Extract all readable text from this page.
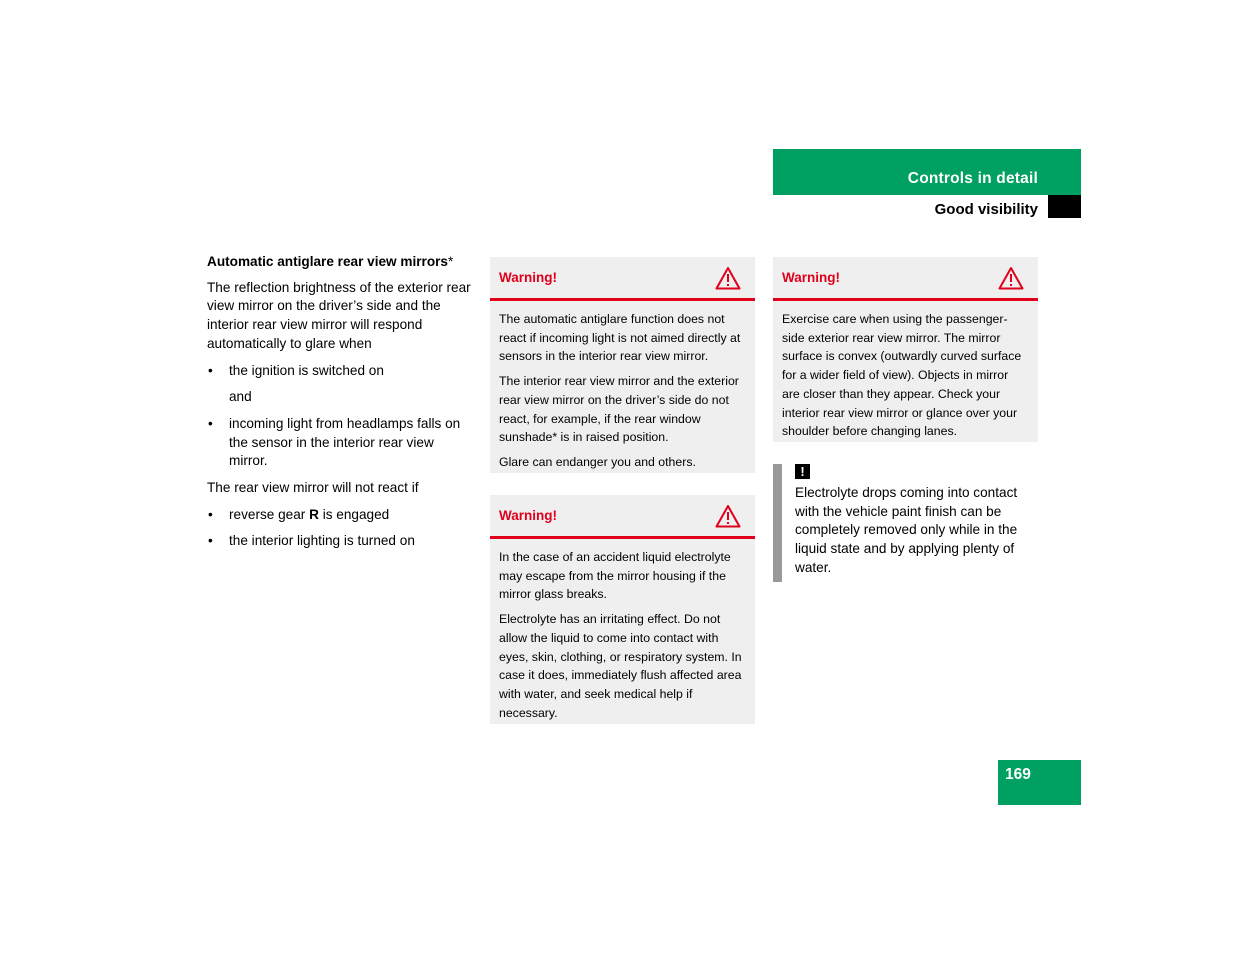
Controls in detail
Good visibility
Automatic antiglare rear view mirrors*

The reflection brightness of the exterior rear view mirror on the driver’s side and the interior rear view mirror will respond automatically to glare when

• the ignition is switched on
and
• incoming light from headlamps falls on the sensor in the interior rear view mirror.

The rear view mirror will not react if

• reverse gear R is engaged
• the interior lighting is turned on
Warning!

The automatic antiglare function does not react if incoming light is not aimed directly at sensors in the interior rear view mirror.

The interior rear view mirror and the exterior rear view mirror on the driver’s side do not react, for example, if the rear window sunshade* is in raised position.

Glare can endanger you and others.

Warning!

In the case of an accident liquid electrolyte may escape from the mirror housing if the mirror glass breaks.

Electrolyte has an irritating effect. Do not allow the liquid to come into contact with eyes, skin, clothing, or respiratory system. In case it does, immediately flush affected area with water, and seek medical help if necessary.

Warning!

Exercise care when using the passenger-side exterior rear view mirror. The mirror surface is convex (outwardly curved surface for a wider field of view). Objects in mirror are closer than they appear. Check your interior rear view mirror or glance over your shoulder before changing lanes.

!
Electrolyte drops coming into contact with the vehicle paint finish can be completely removed only while in the liquid state and by applying plenty of water.
169
